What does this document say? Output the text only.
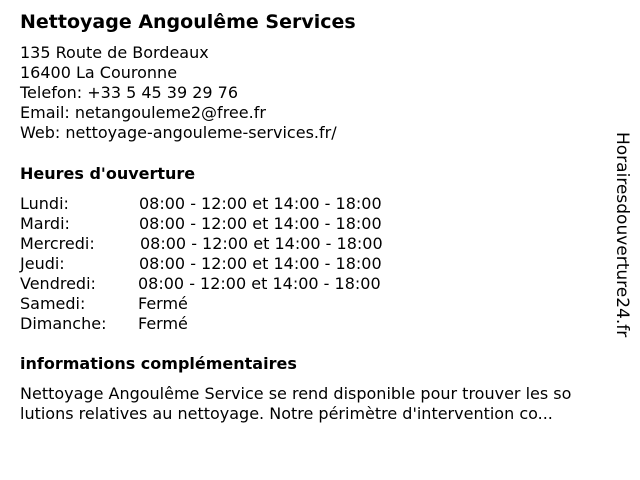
Nettoyage Angoulême Services
135 Route de Bordeaux
16400 La Couronne
Telefon: +33 5 45 39 29 76
Email: netangouleme2@free.fr
Web: nettoyage-angouleme-services.fr/
Heures d'ouverture
Lundi:	08:00 - 12:00 et 14:00 - 18:00
Mardi:	08:00 - 12:00 et 14:00 - 18:00
Mercredi:	08:00 - 12:00 et 14:00 - 18:00
Jeudi:	08:00 - 12:00 et 14:00 - 18:00
Vendredi:	08:00 - 12:00 et 14:00 - 18:00
Samedi:	Fermé
Dimanche: Fermé
informations complémentaires
Nettoyage Angoulême Service se rend disponible pour trouver les so
lutions relatives au nettoyage. Notre périmètre d'intervention co...
Horairesdouverture24.fr
